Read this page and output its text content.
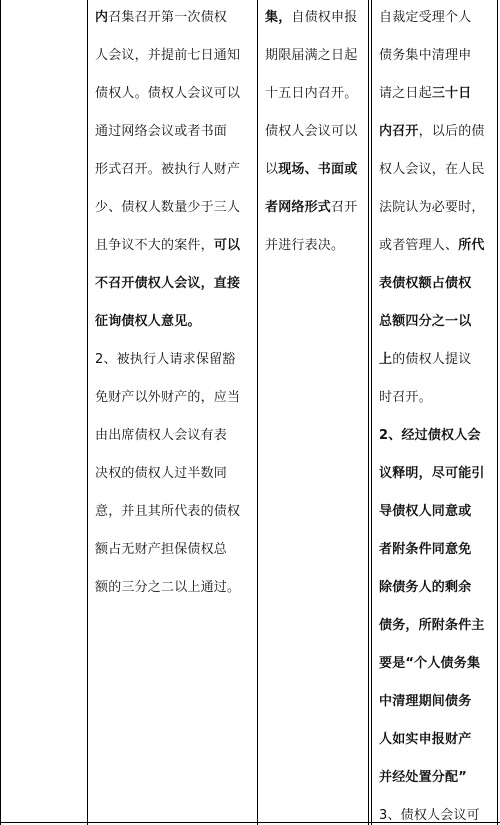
内召集召开第一次债权
人会议，并提前七日通知
债权人。债权人会议可以
通过网络会议或者书面
形式召开。被执行人财产
少、债权人数量少于三人
且争议不大的案件，可以
不召开债权人会议，直接
征询债权人意见。
2、被执行人请求保留豁
免财产以外财产的，应当
由出席债权人会议有表
决权的债权人过半数同
意，并且其所代表的债权
额占无财产担保债权总
额的三分之二以上通过。
集，自债权申报
期限届满之日起
十五日内召开。
债权人会议可以
以现场、书面或
者网络形式召开
并进行表决。
自裁定受理个人
债务集中清理申
请之日起三十日
内召开，以后的债
权人会议，在人民
法院认为必要时，
或者管理人、所代
表债权额占债权
总额四分之一以
上的债权人提议
时召开。
2、经过债权人会
议释明，尽可能引
导债权人同意或
者附条件同意免
除债务人的剩余
债务，所附条件主
要是“个人债务集
中清理期间债务
人如实申报财产
并经处置分配”
3、债权人会议可
